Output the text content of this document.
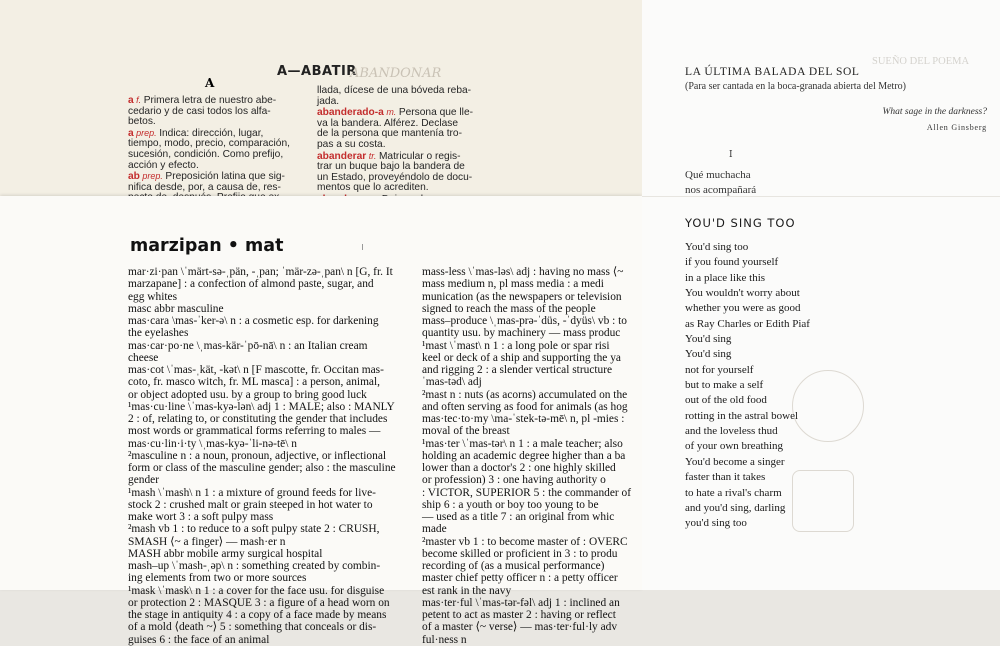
A—ABATIR
ABANDONAR
A
a f. Primera letra de nuestro abe-
cedario y de casi todos los alfa-
betos.
a prep. Indica: dirección, lugar,
tiempo, modo, precio, comparación,
sucesión, condición. Como prefijo,
acción y efecto.
ab prep. Preposición latina que sig-
nifica desde, por, a causa de, res-
llada, dícese de una bóveda reba-
jada.
abanderado-a m. Persona que lle-
va la bandera. Alférez. Declase
de la persona que mantenía tro-
pas a su costa.
abanderar tr. Matricular o regis-
trar un buque bajo la bandera de
un Estado, proveyéndolo de docu-
mentos que lo acrediten.
marzipan • mat
mar·zi·pan \ˈmärt-sə-ˌpän, -ˌpan; ˈmär-zə-ˌpan\ n [G, fr. It
marzapane] : a confection of almond paste, sugar, and
egg whites
masc abbr masculine
mas·cara \mas-ˈker-ə\ n : a cosmetic esp. for darkening
the eyelashes
mas·car·po·ne \ˌmas-kär-ˈpō-nā\ n : an Italian cream
cheese
mas·cot \ˈmas-ˌkät, -kət\ n [F mascotte, fr. Occitan mas-
coto, fr. masco witch, fr. ML masca] : a person, animal,
or object adopted usu. by a group to bring good luck
¹mas·cu·line \ˈmas-kyə-lən\ adj 1 : MALE; also : MANLY
2 : of, relating to, or constituting the gender that includes
most words or grammatical forms referring to males —
mas·cu·lin·i·ty \ˌmas-kyə-ˈli-nə-tē\ n
²masculine n : a noun, pronoun, adjective, or inflectional
form or class of the masculine gender; also : the masculine
gender
¹mash \ˈmash\ n 1 : a mixture of ground feeds for live-
stock 2 : crushed malt or grain steeped in hot water to
make wort 3 : a soft pulpy mass
²mash vb 1 : to reduce to a soft pulpy state 2 : CRUSH,
SMASH ⟨~ a finger⟩ — mash·er n
MASH abbr mobile army surgical hospital
mash–up \ˈmash-ˌəp\ n : something created by combin-
ing elements from two or more sources
¹mask \ˈmask\ n 1 : a cover for the face usu. for disguise
or protection 2 : MASQUE 3 : a figure of a head worn on
the stage in antiquity 4 : a copy of a face made by means
of a mold ⟨death ~⟩ 5 : something that conceals or dis-
guises 6 : the face of an animal
mass-less \ˈmas-ləs\ adj : having no mass ⟨~
mass medium n, pl mass media : a medi
munication (as the newspapers or television
signed to reach the mass of the people
mass–produce \ˌmas-prə-ˈdüs, -ˈdyüs\ vb : to
quantity usu. by machinery — mass produc
¹mast \ˈmast\ n 1 : a long pole or spar risi
keel or deck of a ship and supporting the ya
and rigging 2 : a slender vertical structure
ˈmas-təd\ adj
²mast n : nuts (as acorns) accumulated on the
and often serving as food for animals (as hog
mas·tec·to·my \ma-ˈstek-tə-mē\ n, pl -mies :
moval of the breast
¹mas·ter \ˈmas-tər\ n 1 : a male teacher; also
holding an academic degree higher than a ba
lower than a doctor's 2 : one highly skilled
or profession) 3 : one having authority o
: VICTOR, SUPERIOR 5 : the commander of
ship 6 : a youth or boy too young to be
— used as a title 7 : an original from whic
made
²master vb 1 : to become master of : OVERC
become skilled or proficient in 3 : to produ
recording of (as a musical performance)
master chief petty officer n : a petty officer
est rank in the navy
mas·ter·ful \ˈmas-tər-fəl\ adj 1 : inclined an
petent to act as master 2 : having or reflect
of a master ⟨~ verse⟩ — mas·ter·ful·ly adv
ful·ness n
SUEÑO DEL POEMA
LA ÚLTIMA BALADA DEL SOL
(Para ser cantada en la boca-granada abierta del Metro)
What sage in the darkness?
Allen Ginsberg
I
Qué muchacha
nos acompañará
YOU'D SING TOO
You'd sing too
if you found yourself
in a place like this
You wouldn't worry about
whether you were as good
as Ray Charles or Edith Piaf
You'd sing
You'd sing
not for yourself
but to make a self
out of the old food
rotting in the astral bowel
and the loveless thud
of your own breathing
You'd become a singer
faster than it takes
to hate a rival's charm
and you'd sing, darling
you'd sing too
